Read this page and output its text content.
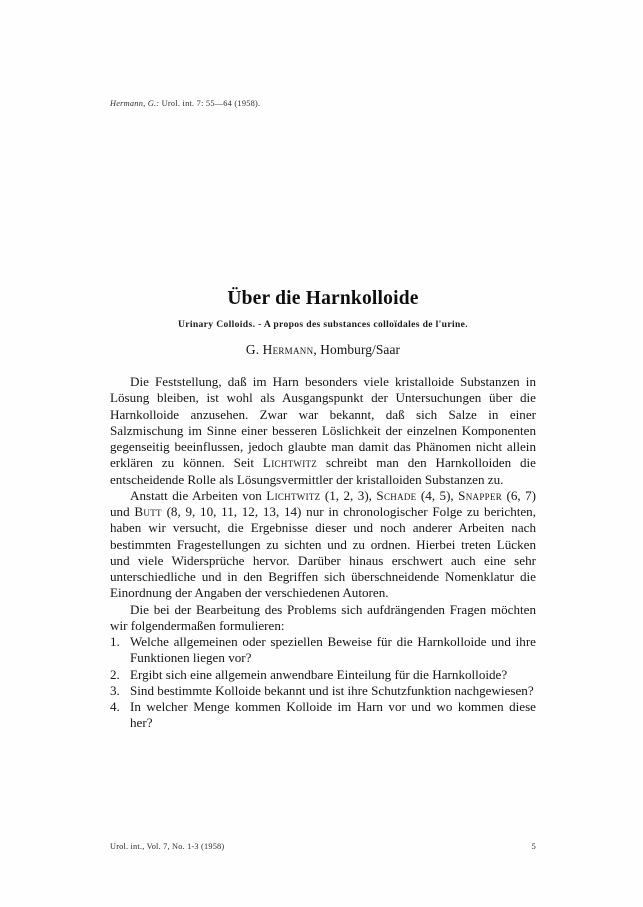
Hermann, G.: Urol. int. 7: 55—64 (1958).
Über die Harnkolloide
Urinary Colloids. - A propos des substances colloïdales de l'urine.
G. Hermann, Homburg/Saar

Die Feststellung, daß im Harn besonders viele kristalloide Substanzen in Lösung bleiben, ist wohl als Ausgangspunkt der Untersuchungen über die Harnkolloide anzusehen. Zwar war bekannt, daß sich Salze in einer Salzmischung im Sinne einer besseren Löslichkeit der einzelnen Komponenten gegenseitig beeinflussen, jedoch glaubte man damit das Phänomen nicht allein erklären zu können. Seit Lichtwitz schreibt man den Harnkolloiden die entscheidende Rolle als Lösungsvermittler der kristalloiden Substanzen zu.

Anstatt die Arbeiten von Lichtwitz (1, 2, 3), Schade (4, 5), Snapper (6, 7) und Butt (8, 9, 10, 11, 12, 13, 14) nur in chronologischer Folge zu berichten, haben wir versucht, die Ergebnisse dieser und noch anderer Arbeiten nach bestimmten Fragestellungen zu sichten und zu ordnen. Hierbei treten Lücken und viele Widersprüche hervor. Darüber hinaus erschwert auch eine sehr unterschiedliche und in den Begriffen sich überschneidende Nomenklatur die Einordnung der Angaben der verschiedenen Autoren.

Die bei der Bearbeitung des Problems sich aufdrängenden Fragen möchten wir folgendermaßen formulieren:

1. Welche allgemeinen oder speziellen Beweise für die Harnkolloide und ihre Funktionen liegen vor?
2. Ergibt sich eine allgemein anwendbare Einteilung für die Harnkolloide?
3. Sind bestimmte Kolloide bekannt und ist ihre Schutzfunktion nachgewiesen?
4. In welcher Menge kommen Kolloide im Harn vor und wo kommen diese her?
Urol. int., Vol. 7, No. 1-3 (1958)	5
